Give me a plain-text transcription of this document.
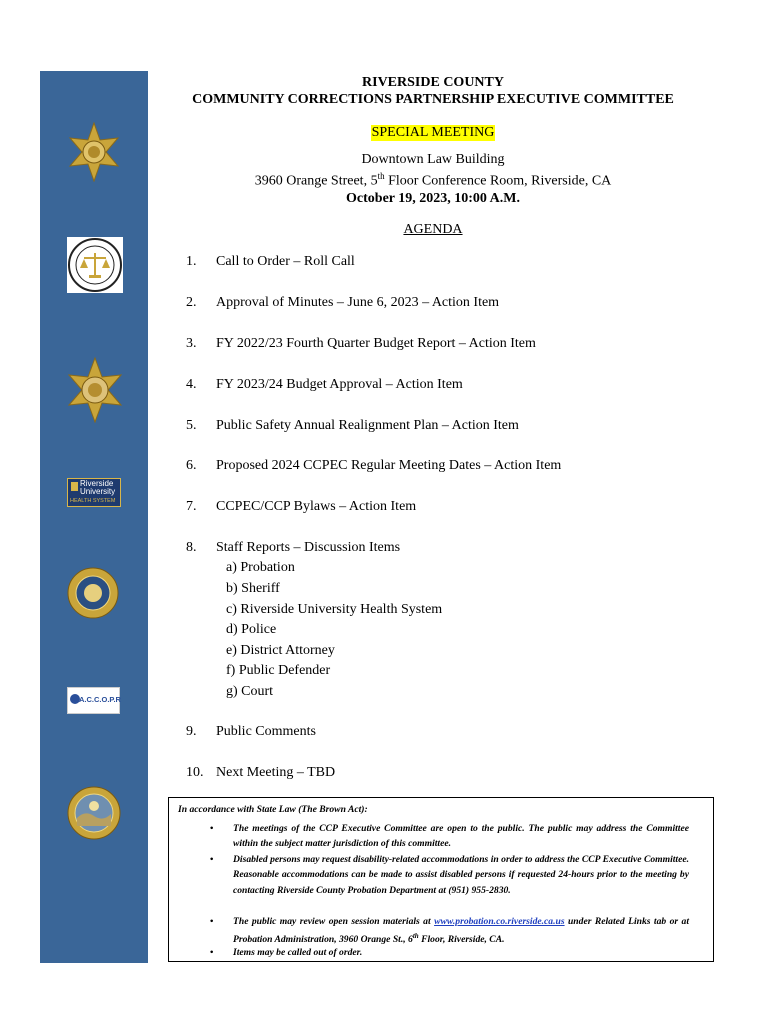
Riverside
University
HEALTH SYSTEM
A.C.C.O.P.R
RIVERSIDE COUNTY
COMMUNITY CORRECTIONS PARTNERSHIP EXECUTIVE COMMITTEE
SPECIAL MEETING
Downtown Law Building
3960 Orange Street, 5th Floor Conference Room, Riverside, CA
October 19, 2023, 10:00 A.M.
AGENDA
1. Call to Order – Roll Call
2. Approval of Minutes – June 6, 2023 – Action Item
3. FY 2022/23 Fourth Quarter Budget Report – Action Item
4. FY 2023/24 Budget Approval – Action Item
5. Public Safety Annual Realignment Plan – Action Item
6. Proposed 2024 CCPEC Regular Meeting Dates – Action Item
7. CCPEC/CCP Bylaws – Action Item
8. Staff Reports – Discussion Items
a) Probation
b) Sheriff
c) Riverside University Health System
d) Police
e) District Attorney
f) Public Defender
g) Court
9. Public Comments
10. Next Meeting – TBD
In accordance with State Law (The Brown Act):
• The meetings of the CCP Executive Committee are open to the public. The public may address the Committee within the subject matter jurisdiction of this committee.
• Disabled persons may request disability-related accommodations in order to address the CCP Executive Committee. Reasonable accommodations can be made to assist disabled persons if requested 24-hours prior to the meeting by contacting Riverside County Probation Department at (951) 955-2830.
• The public may review open session materials at www.probation.co.riverside.ca.us under Related Links tab or at Probation Administration, 3960 Orange St., 6th Floor, Riverside, CA.
• Items may be called out of order.
